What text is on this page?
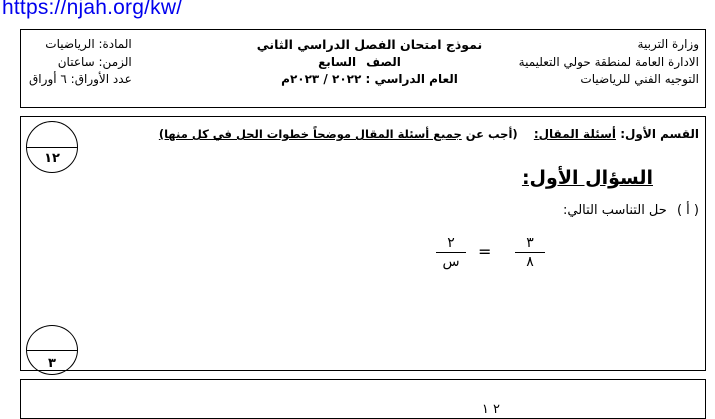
https://njah.org/kw/
وزارة التربية
الادارة العامة لمنطقة حولي التعليمية
التوجيه الفني للرياضيات
نموذج امتحان الفصل الدراسي الثاني
الصفالسابع
العام الدراسي : ٢٠٢٢ / ٢٠٢٣م
المادة: الرياضيات
الزمن: ساعتان
عدد الأوراق: ٦ أوراق
القسم الأول: أسئلة المقال: (أجب عن جميع أسئلة المقال موضحاً خطوات الحل في كل منها)
١٢
السؤال الأول:
( أ ) حل التناسب التالي:
٣
٨
=
٢
س
٣
٢ ١
